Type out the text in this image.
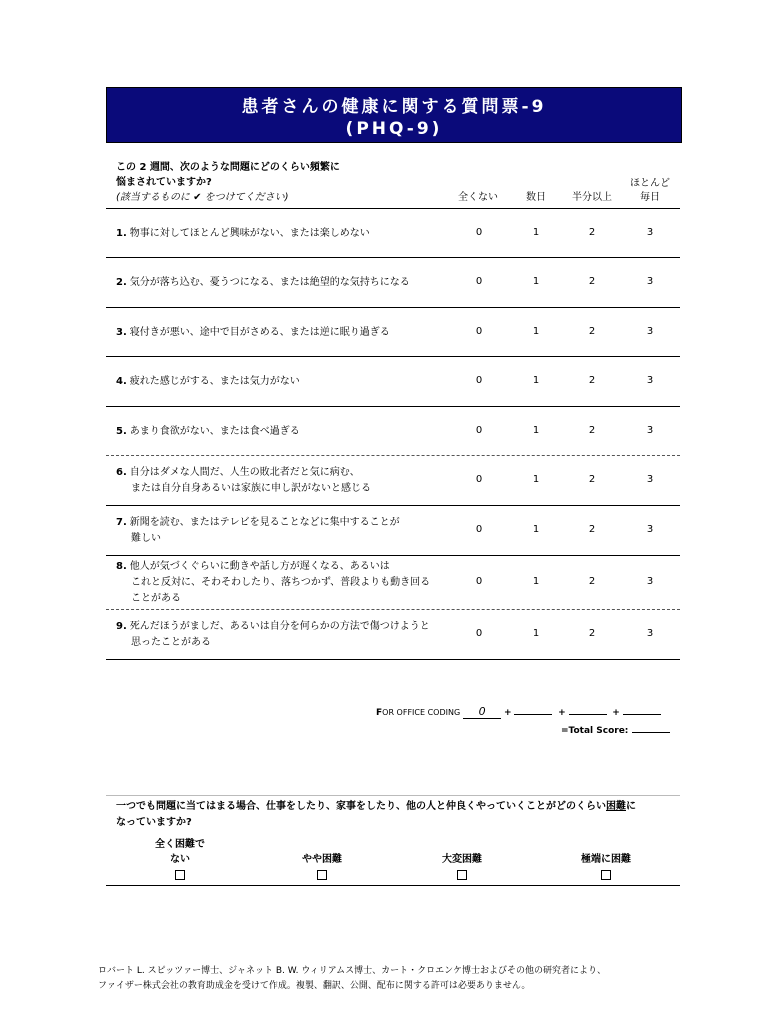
患者さんの健康に関する質問票-9
(PHQ-9)
この 2 週間、次のような問題にどのくらい頻繁に
悩まされていますか?
(該当するものに ✔ をつけてください)	全くない	数日	半分以上
ほとんど
毎日
1. 物事に対してほとんど興味がない、または楽しめない	0	1	2	3
2. 気分が落ち込む、憂うつになる、または絶望的な気持ちになる	0	1	2	3
3. 寝付きが悪い、途中で目がさめる、または逆に眠り過ぎる	0	1	2	3
4. 疲れた感じがする、または気力がない	0	1	2	3
5. あまり食欲がない、または食べ過ぎる	0	1	2	3
6. 自分はダメな人間だ、人生の敗北者だと気に病む、
または自分自身あるいは家族に申し訳がないと感じる
0	1	2	3
7. 新聞を読む、またはテレビを見ることなどに集中することが
難しい
0	1	2	3
8. 他人が気づくぐらいに動きや話し方が遅くなる、あるいは
これと反対に、そわそわしたり、落ちつかず、普段よりも動き回る
ことがある
0	1	2	3
9. 死んだほうがましだ、あるいは自分を何らかの方法で傷つけようと
思ったことがある
0	1	2	3
FOR OFFICE CODING 0 +	+	+
=Total Score:
一つでも問題に当てはまる場合、仕事をしたり、家事をしたり、他の人と仲良くやっていくことがどのくらい困難に
なっていますか?
全く困難で
ない	やや困難	大変困難	極端に困難
ロバート L. スピッツァー博士、ジャネット B. W. ウィリアムス博士、カート・クロエンケ博士およびその他の研究者により、
ファイザー株式会社の教育助成金を受けて作成。複製、翻訳、公開、配布に関する許可は必要ありません。
